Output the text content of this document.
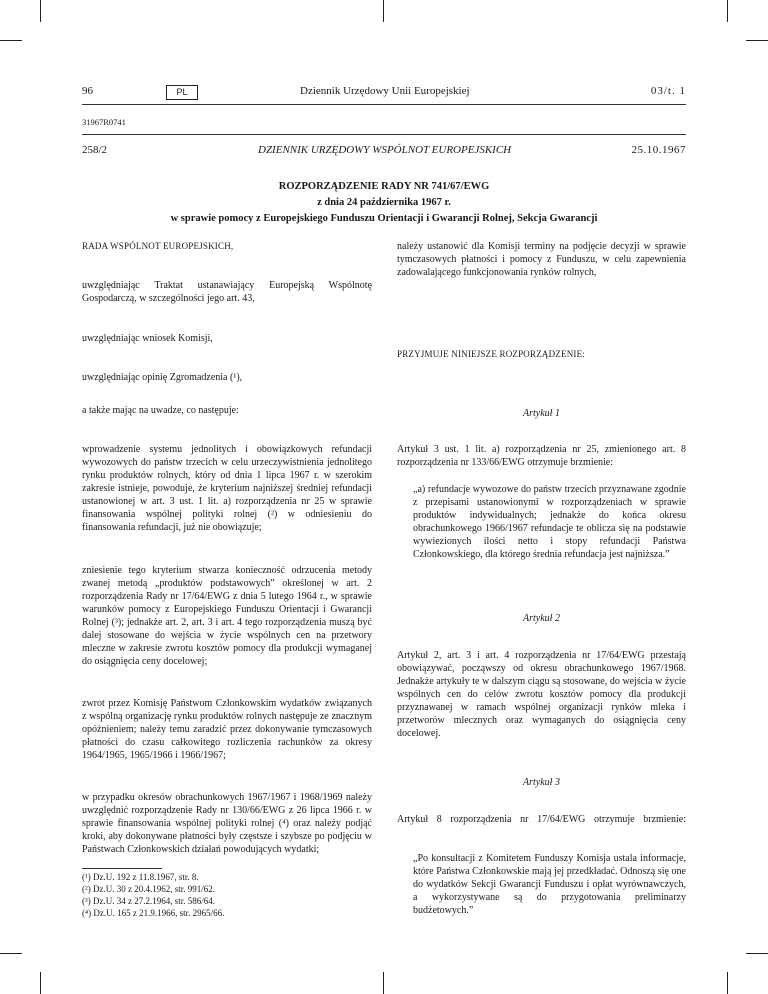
96	PL	Dziennik Urzędowy Unii Europejskiej	03/t. 1
31967R0741
258/2	DZIENNIK URZĘDOWY WSPÓLNOT EUROPEJSKICH	25.10.1967
ROZPORZĄDZENIE RADY NR 741/67/EWG
z dnia 24 października 1967 r.
w sprawie pomocy z Europejskiego Funduszu Orientacji i Gwarancji Rolnej, Sekcja Gwarancji
RADA WSPÓLNOT EUROPEJSKICH,
uwzględniając Traktat ustanawiający Europejską Wspólnotę Gospodarczą, w szczególności jego art. 43,
uwzględniając wniosek Komisji,
uwzględniając opinię Zgromadzenia (¹),
a także mając na uwadze, co następuje:
wprowadzenie systemu jednolitych i obowiązkowych refundacji wywozowych do państw trzecich w celu urzeczywistnienia jednolitego rynku produktów rolnych, który od dnia 1 lipca 1967 r. w szerokim zakresie istnieje, powoduje, że kryterium najniższej średniej refundacji ustanowionej w art. 3 ust. 1 lit. a) rozporządzenia nr 25 w sprawie finansowania wspólnej polityki rolnej (²) w odniesieniu do finansowania refundacji, już nie obowiązuje;
zniesienie tego kryterium stwarza konieczność odrzucenia metody zwanej metodą „produktów podstawowych” określonej w art. 2 rozporządzenia Rady nr 17/64/EWG z dnia 5 lutego 1964 r., w sprawie warunków pomocy z Europejskiego Funduszu Orientacji i Gwarancji Rolnej (³); jednakże art. 2, art. 3 i art. 4 tego rozporządzenia muszą być dalej stosowane do wejścia w życie wspólnych cen na przetwory mleczne w zakresie zwrotu kosztów pomocy dla produkcji wymaganej do osiągnięcia ceny docelowej;
zwrot przez Komisję Państwom Członkowskim wydatków związanych z wspólną organizację rynku produktów rolnych następuje ze znacznym opóźnieniem; należy temu zaradzić przez dokonywanie tymczasowych płatności do czasu całkowitego rozliczenia rachunków za okresy 1964/1965, 1965/1966 i 1966/1967;
w przypadku okresów obrachunkowych 1967/1967 i 1968/1969 należy uwzględnić rozporządzenie Rady nr 130/66/EWG z 26 lipca 1966 r. w sprawie finansowania wspólnej polityki rolnej (⁴) oraz należy podjąć kroki, aby dokonywane płatności były częstsze i szybsze po podjęciu w Państwach Członkowskich działań powodujących wydatki;
(¹) Dz.U. 192 z 11.8.1967, str. 8.
(²) Dz.U. 30 z 20.4.1962, str. 991/62.
(³) Dz.U. 34 z 27.2.1964, str. 586/64.
(⁴) Dz.U. 165 z 21.9.1966, str. 2965/66.
należy ustanowić dla Komisji terminy na podjęcie decyzji w sprawie tymczasowych płatności i pomocy z Funduszu, w celu zapewnienia zadowalającego funkcjonowania rynków rolnych,
PRZYJMUJE NINIEJSZE ROZPORZĄDZENIE:
Artykuł 1
Artykuł 3 ust. 1 lit. a) rozporządzenia nr 25, zmienionego art. 8 rozporządzenia nr 133/66/EWG otrzymuje brzmienie:
„a) refundacje wywozowe do państw trzecich przyznawane zgodnie z przepisami ustanowionymi w rozporządzeniach w sprawie produktów indywidualnych; jednakże do końca okresu obrachunkowego 1966/1967 refundacje te oblicza się na podstawie wywiezionych ilości netto i stopy refundacji Państwa Członkowskiego, dla którego średnia refundacja jest najniższa.”
Artykuł 2
Artykuł 2, art. 3 i art. 4 rozporządzenia nr 17/64/EWG przestają obowiązywać, począwszy od okresu obrachunkowego 1967/1968. Jednakże artykuły te w dalszym ciągu są stosowane, do wejścia w życie wspólnych cen do celów zwrotu kosztów pomocy dla produkcji przyznawanej w ramach wspólnej organizacji rynków mleka i przetworów mlecznych oraz wymaganych do osiągnięcia ceny docelowej.
Artykuł 3
Artykuł 8 rozporządzenia nr 17/64/EWG otrzymuje brzmienie:
„Po konsultacji z Komitetem Funduszy Komisja ustala informacje, które Państwa Członkowskie mają jej przedkładać. Odnoszą się one do wydatków Sekcji Gwarancji Funduszu i opłat wyrównawczych, a wykorzystywane są do przygotowania preliminarzy budżetowych.”
